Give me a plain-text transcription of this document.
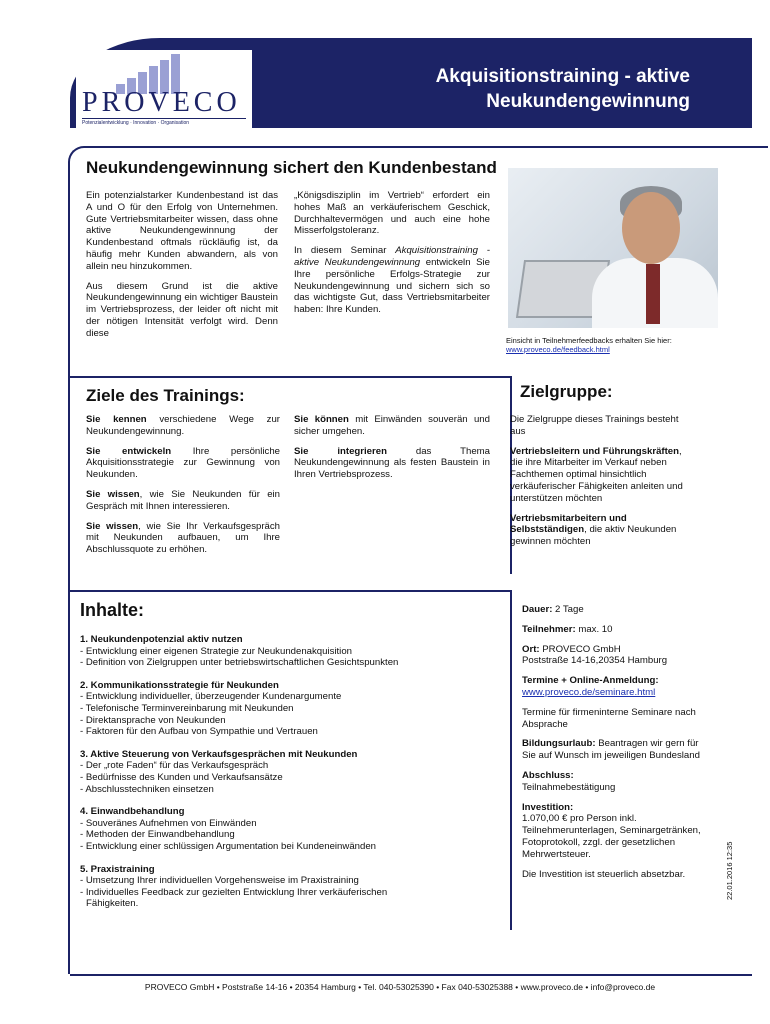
PROVECO
Potenzialentwicklung · Innovation · Organisation
Akquisitionstraining - aktive
Neukundengewinnung
Neukundengewinnung sichert den Kundenbestand

Ein potenzialstarker Kundenbestand ist das A und O für den Erfolg von Unternehmen. Gute Vertriebsmitarbeiter wissen, dass ohne aktive Neukundengewinnung der Kundenbestand oftmals rückläufig ist, da häufig mehr Kunden abwandern, als von allein neu hinzukommen.

Aus diesem Grund ist die aktive Neukundengewinnung ein wichtiger Baustein im Vertriebsprozess, der leider oft nicht mit der nötigen Intensität verfolgt wird. Denn diese

„Königsdisziplin im Vertrieb“ erfordert ein hohes Maß an verkäuferischem Geschick, Durchhaltevermögen und auch eine hohe Misserfolgstoleranz.

In diesem Seminar Akquisitionstraining - aktive Neukundengewinnung entwickeln Sie Ihre persönliche Erfolgs-Strategie zur Neukundengewinnung und sichern sich so das wichtigste Gut, dass Vertriebsmitarbeiter haben: Ihre Kunden.

Einsicht in Teilnehmerfeedbacks erhalten Sie hier:
www.proveco.de/feedback.html
Ziele des Trainings:

Sie kennen verschiedene Wege zur Neukundengewinnung.

Sie entwickeln Ihre persönliche Akquisitionsstrategie zur Gewinnung von Neukunden.

Sie wissen, wie Sie Neukunden für ein Gespräch mit Ihnen interessieren.

Sie wissen, wie Sie Ihr Verkaufsgespräch mit Neukunden aufbauen, um Ihre Abschlussquote zu erhöhen.

Sie können mit Einwänden souverän und sicher umgehen.

Sie integrieren das Thema Neukundengewinnung als festen Baustein in Ihren Vertriebsprozess.

Zielgruppe:

Die Zielgruppe dieses Trainings besteht aus

Vertriebsleitern und Führungskräften, die ihre Mitarbeiter im Verkauf neben Fachthemen optimal hinsichtlich verkäuferischer Fähigkeiten anleiten und unterstützen möchten

Vertriebsmitarbeitern und Selbstständigen, die aktiv Neukunden gewinnen möchten

Inhalte:
1. Neukundenpotenzial aktiv nutzen
- Entwicklung einer eigenen Strategie zur Neukundenakquisition
- Definition von Zielgruppen unter betriebswirtschaftlichen Gesichtspunkten
2. Kommunikationsstrategie für Neukunden
- Entwicklung individueller, überzeugender Kundenargumente
- Telefonische Terminvereinbarung mit Neukunden
- Direktansprache von Neukunden
- Faktoren für den Aufbau von Sympathie und Vertrauen
3. Aktive Steuerung von Verkaufsgesprächen mit Neukunden
- Der „rote Faden“ für das Verkaufsgespräch
- Bedürfnisse des Kunden und Verkaufsansätze
- Abschlusstechniken einsetzen
4. Einwandbehandlung
- Souveränes Aufnehmen von Einwänden
- Methoden der Einwandbehandlung
- Entwicklung einer schlüssigen Argumentation bei Kundeneinwänden
5. Praxistraining
- Umsetzung Ihrer individuellen Vorgehensweise im Praxistraining
- Individuelles Feedback zur gezielten Entwicklung Ihrer verkäuferischen
Fähigkeiten.
Dauer: 2 Tage
Teilnehmer: max. 10
Ort: PROVECO GmbH
Poststraße 14-16,20354 Hamburg
Termine + Online-Anmeldung:
www.proveco.de/seminare.html
Termine für firmeninterne Seminare nach Absprache
Bildungsurlaub: Beantragen wir gern für Sie auf Wunsch im jeweiligen Bundesland
Abschluss:
Teilnahmebestätigung
Investition:
1.070,00 € pro Person inkl. Teilnehmerunterlagen, Seminargetränken, Fotoprotokoll, zzgl. der gesetzlichen Mehrwertsteuer.
Die Investition ist steuerlich absetzbar.	22.01.2016 12:35
PROVECO GmbH • Poststraße 14-16 • 20354 Hamburg • Tel. 040-53025390 • Fax 040-53025388 • www.proveco.de • info@proveco.de
